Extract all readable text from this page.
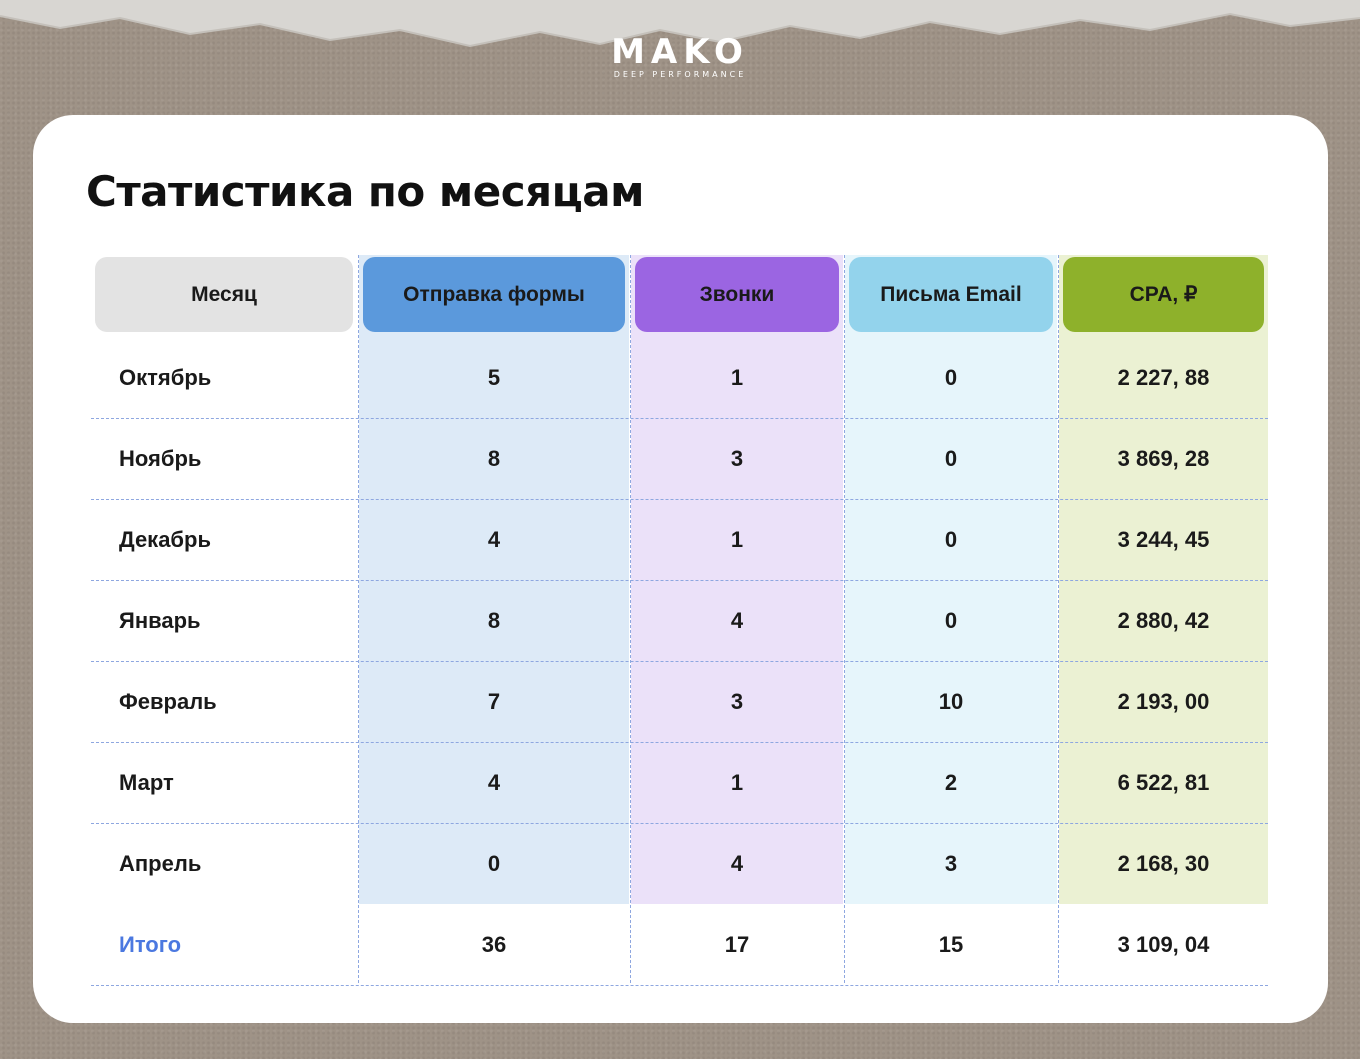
MAKO
DEEP PERFORMANCE
Статистика по месяцам
Месяц	Отправка формы	Звонки	Письма Email	CPA, ₽
Октябрь	5	1	0	2 227, 88
Ноябрь	8	3	0	3 869, 28
Декабрь	4	1	0	3 244, 45
Январь	8	4	0	2 880, 42
Февраль	7	3	10	2 193, 00
Март	4	1	2	6 522, 81
Апрель	0	4	3	2 168, 30
Итого	36	17	15	3 109, 04
